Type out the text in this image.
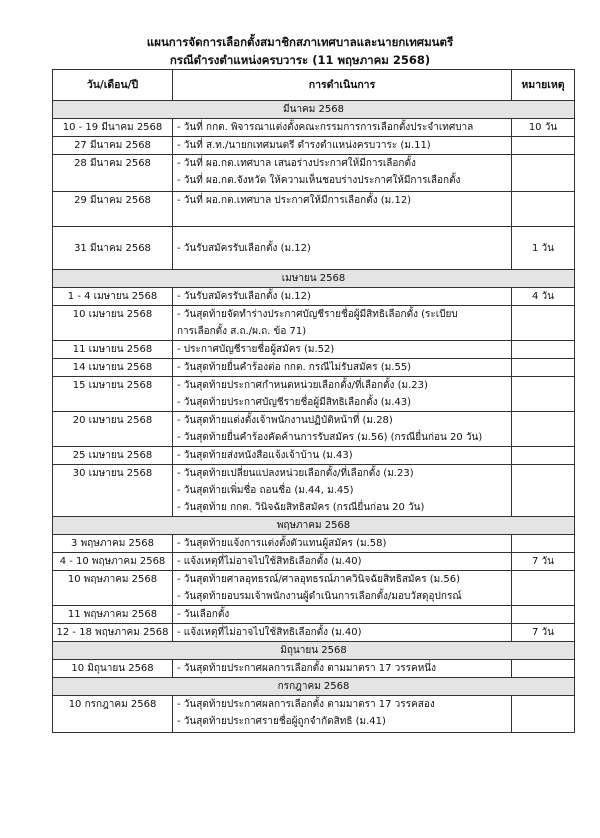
แผนการจัดการเลือกตั้งสมาชิกสภาเทศบาลและนายกเทศมนตรี
กรณีดำรงตำแหน่งครบวาระ (11 พฤษภาคม 2568)
วัน/เดือน/ปี	การดำเนินการ	หมายเหตุ
มีนาคม 2568		
10 - 19 มีนาคม 2568	- วันที่ กกต. พิจารณาแต่งตั้งคณะกรรมการการเลือกตั้งประจำเทศบาล	10 วัน
27 มีนาคม 2568	- วันที่ ส.ท./นายกเทศมนตรี ดำรงตำแหน่งครบวาระ (ม.11)	

28 มีนาคม 2568	- วันที่ ผอ.กต.เทศบาล เสนอร่างประกาศให้มีการเลือกตั้ง
- วันที่ ผอ.กต.จังหวัด ให้ความเห็นชอบร่างประกาศให้มีการเลือกตั้ง	

29 มีนาคม 2568	- วันที่ ผอ.กต.เทศบาล ประกาศให้มีการเลือกตั้ง (ม.12)	

31 มีนาคม 2568	- วันรับสมัครรับเลือกตั้ง (ม.12)	1 วัน
เมษายน 2568		
1 - 4 เมษายน 2568	- วันรับสมัครรับเลือกตั้ง (ม.12)	4 วัน
10 เมษายน 2568	- วันสุดท้ายจัดทำร่างประกาศบัญชีรายชื่อผู้มีสิทธิเลือกตั้ง (ระเบียบ
การเลือกตั้ง ส.ถ./ผ.ถ. ข้อ 71)	

11 เมษายน 2568	- ประกาศบัญชีรายชื่อผู้สมัคร (ม.52)	

14 เมษายน 2568	- วันสุดท้ายยื่นคำร้องต่อ กกต. กรณีไม่รับสมัคร (ม.55)	

15 เมษายน 2568	- วันสุดท้ายประกาศกำหนดหน่วยเลือกตั้ง/ที่เลือกตั้ง (ม.23)
- วันสุดท้ายประกาศบัญชีรายชื่อผู้มีสิทธิเลือกตั้ง (ม.43)	

20 เมษายน 2568	- วันสุดท้ายแต่งตั้งเจ้าพนักงานปฏิบัติหน้าที่ (ม.28)
- วันสุดท้ายยื่นคำร้องคัดค้านการรับสมัคร (ม.56) (กรณียื่นก่อน 20 วัน)	

25 เมษายน 2568	- วันสุดท้ายส่งหนังสือแจ้งเจ้าบ้าน (ม.43)	

30 เมษายน 2568	- วันสุดท้ายเปลี่ยนแปลงหน่วยเลือกตั้ง/ที่เลือกตั้ง (ม.23)
- วันสุดท้ายเพิ่มชื่อ ถอนชื่อ (ม.44, ม.45)
- วันสุดท้าย กกต. วินิจฉัยสิทธิสมัคร (กรณียื่นก่อน 20 วัน)	

พฤษภาคม 2568		
3 พฤษภาคม 2568	- วันสุดท้ายแจ้งการแต่งตั้งตัวแทนผู้สมัคร (ม.58)	

4 - 10 พฤษภาคม 2568	- แจ้งเหตุที่ไม่อาจไปใช้สิทธิเลือกตั้ง (ม.40)	7 วัน
10 พฤษภาคม 2568	- วันสุดท้ายศาลอุทธรณ์/ศาลอุทธรณ์ภาควินิจฉัยสิทธิสมัคร (ม.56)
- วันสุดท้ายอบรมเจ้าพนักงานผู้ดำเนินการเลือกตั้ง/มอบวัสดุอุปกรณ์	

11 พฤษภาคม 2568	- วันเลือกตั้ง	

12 - 18 พฤษภาคม 2568	- แจ้งเหตุที่ไม่อาจไปใช้สิทธิเลือกตั้ง (ม.40)	7 วัน
มิถุนายน 2568		
10 มิถุนายน 2568	- วันสุดท้ายประกาศผลการเลือกตั้ง ตามมาตรา 17 วรรคหนึ่ง	

กรกฎาคม 2568		
10 กรกฎาคม 2568	- วันสุดท้ายประกาศผลการเลือกตั้ง ตามมาตรา 17 วรรคสอง
- วันสุดท้ายประกาศรายชื่อผู้ถูกจำกัดสิทธิ (ม.41)	
